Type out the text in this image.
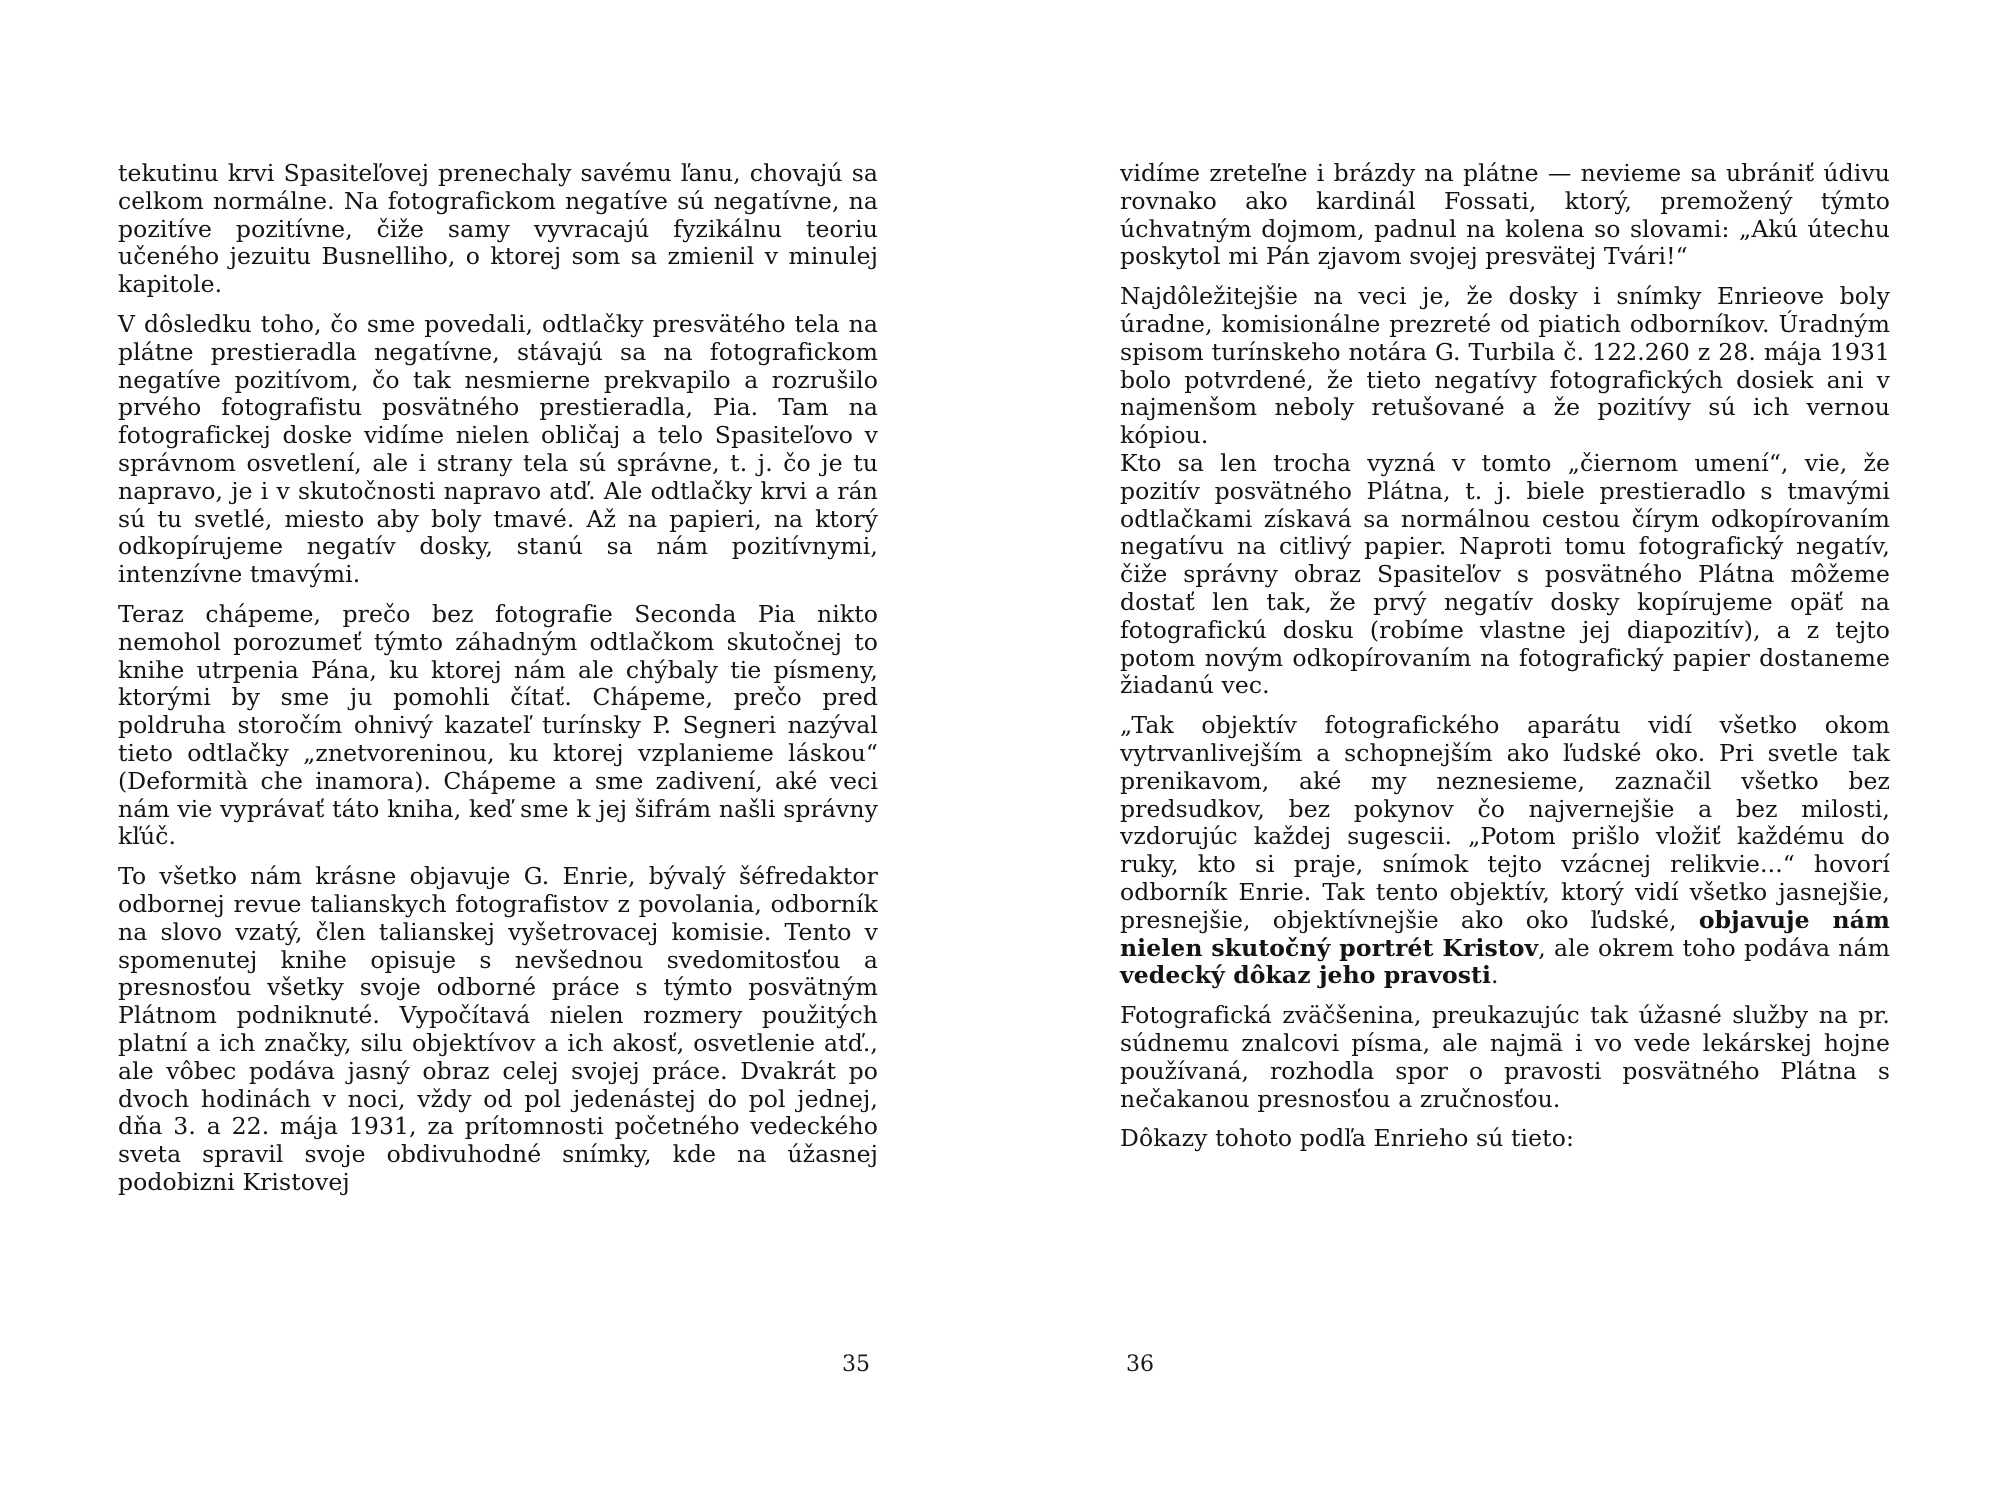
tekutinu krvi Spasiteľovej prenechaly savému ľanu, chovajú sa celkom normálne. Na fotografickom negatíve sú negatívne, na pozitíve pozitívne, čiže samy vyvracajú fyzikálnu teoriu učeného jezuitu Busnelliho, o ktorej som sa zmienil v minulej kapitole.

V dôsledku toho, čo sme povedali, odtlačky presvätého tela na plátne prestieradla negatívne, stávajú sa na fotografickom negatíve pozitívom, čo tak nesmierne prekvapilo a rozrušilo prvého fotografistu posvätného prestieradla, Pia. Tam na fotografickej doske vidíme nielen obličaj a telo Spasiteľovo v správnom osvetlení, ale i strany tela sú správne, t. j. čo je tu napravo, je i v skutočnosti napravo atď. Ale odtlačky krvi a rán sú tu svetlé, miesto aby boly tmavé. Až na papieri, na ktorý odkopírujeme negatív dosky, stanú sa nám pozitívnymi, intenzívne tmavými.

Teraz chápeme, prečo bez fotografie Seconda Pia nikto nemohol porozumeť týmto záhadným odtlačkom skutočnej to knihe utrpenia Pána, ku ktorej nám ale chýbaly tie písmeny, ktorými by sme ju pomohli čítať. Chápeme, prečo pred poldruha storočím ohnivý kazateľ turínsky P. Segneri nazýval tieto odtlačky „znetvoreninou, ku ktorej vzplanieme láskou“ (Deformità che inamora). Chápeme a sme zadivení, aké veci nám vie vyprávať táto kniha, keď sme k jej šifrám našli správny kľúč.

To všetko nám krásne objavuje G. Enrie, bývalý šéfredaktor odbornej revue talianskych fotografistov z povolania, odborník na slovo vzatý, člen talianskej vyšetrovacej komisie. Tento v spomenutej knihe opisuje s nevšednou svedomitosťou a presnosťou všetky svoje odborné práce s týmto posvätným Plátnom podniknuté. Vypočítavá nielen rozmery použitých platní a ich značky, silu objektívov a ich akosť, osvetlenie atď., ale vôbec podáva jasný obraz celej svojej práce. Dvakrát po dvoch hodinách v noci, vždy od pol jedenástej do pol jednej, dňa 3. a 22. mája 1931, za prítomnosti početného vedeckého sveta spravil svoje obdivuhodné snímky, kde na úžasnej podobizni Kristovej

35

vidíme zreteľne i brázdy na plátne — nevieme sa ubrániť údivu rovnako ako kardinál Fossati, ktorý, premožený týmto úchvatným dojmom, padnul na kolena so slovami: „Akú útechu poskytol mi Pán zjavom svojej presvätej Tvári!“

Najdôležitejšie na veci je, že dosky i snímky Enrieove boly úradne, komisionálne prezreté od piatich odborníkov. Úradným spisom turínskeho notára G. Turbila č. 122.260 z 28. mája 1931 bolo potvrdené, že tieto negatívy fotografických dosiek ani v najmenšom neboly retušované a že pozitívy sú ich vernou kópiou.

Kto sa len trocha vyzná v tomto „čiernom umení“, vie, že pozitív posvätného Plátna, t. j. biele prestieradlo s tmavými odtlačkami získavá sa normálnou cestou čírym odkopírovaním negatívu na citlivý papier. Naproti tomu fotografický negatív, čiže správny obraz Spasiteľov s posvätného Plátna môžeme dostať len tak, že prvý negatív dosky kopírujeme opäť na fotografickú dosku (robíme vlastne jej diapozitív), a z tejto potom novým odkopírovaním na fotografický papier dostaneme žiadanú vec.

„Tak objektív fotografického aparátu vidí všetko okom vytrvanlivejším a schopnejším ako ľudské oko. Pri svetle tak prenikavom, aké my neznesieme, zaznačil všetko bez predsudkov, bez pokynov čo najvernejšie a bez milosti, vzdorujúc každej sugescii. „Potom prišlo vložiť každému do ruky, kto si praje, snímok tejto vzácnej relikvie...“ hovorí odborník Enrie. Tak tento objektív, ktorý vidí všetko jasnejšie, presnejšie, objektívnejšie ako oko ľudské, objavuje nám nielen skutočný portrét Kristov, ale okrem toho podáva nám vedecký dôkaz jeho pravosti.

Fotografická zväčšenina, preukazujúc tak úžasné služby na pr. súdnemu znalcovi písma, ale najmä i vo vede lekárskej hojne používaná, rozhodla spor o pravosti posvätného Plátna s nečakanou presnosťou a zručnosťou.

Dôkazy tohoto podľa Enrieho sú tieto:

36
